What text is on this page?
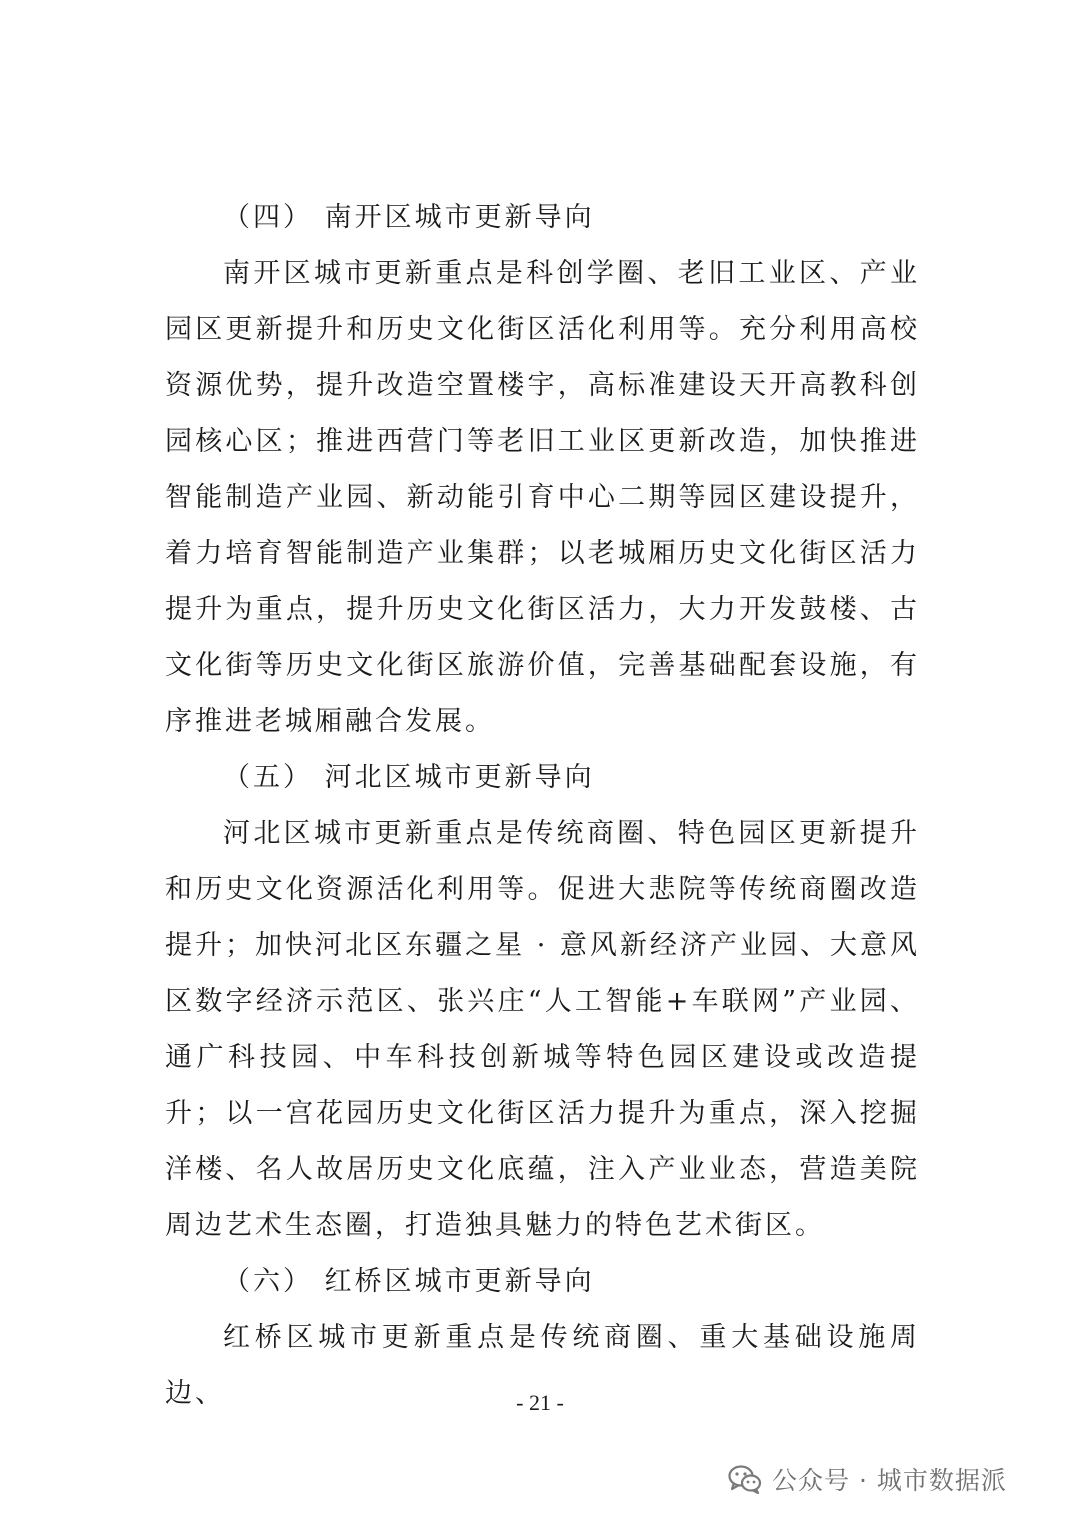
（四） 南开区城市更新导向

南开区城市更新重点是科创学圈、老旧工业区、产业园区更新提升和历史文化街区活化利用等。充分利用高校资源优势，提升改造空置楼宇，高标准建设天开高教科创园核心区；推进西营门等老旧工业区更新改造，加快推进智能制造产业园、新动能引育中心二期等园区建设提升，着力培育智能制造产业集群；以老城厢历史文化街区活力提升为重点，提升历史文化街区活力，大力开发鼓楼、古文化街等历史文化街区旅游价值，完善基础配套设施，有序推进老城厢融合发展。

（五） 河北区城市更新导向

河北区城市更新重点是传统商圈、特色园区更新提升和历史文化资源活化利用等。促进大悲院等传统商圈改造提升；加快河北区东疆之星 · 意风新经济产业园、大意风区数字经济示范区、张兴庄“人工智能+车联网”产业园、通广科技园、中车科技创新城等特色园区建设或改造提升；以一宫花园历史文化街区活力提升为重点，深入挖掘洋楼、名人故居历史文化底蕴，注入产业业态，营造美院周边艺术生态圈，打造独具魅力的特色艺术街区。

（六） 红桥区城市更新导向

红桥区城市更新重点是传统商圈、重大基础设施周边、	- 21 -
公众号 · 城市数据派
